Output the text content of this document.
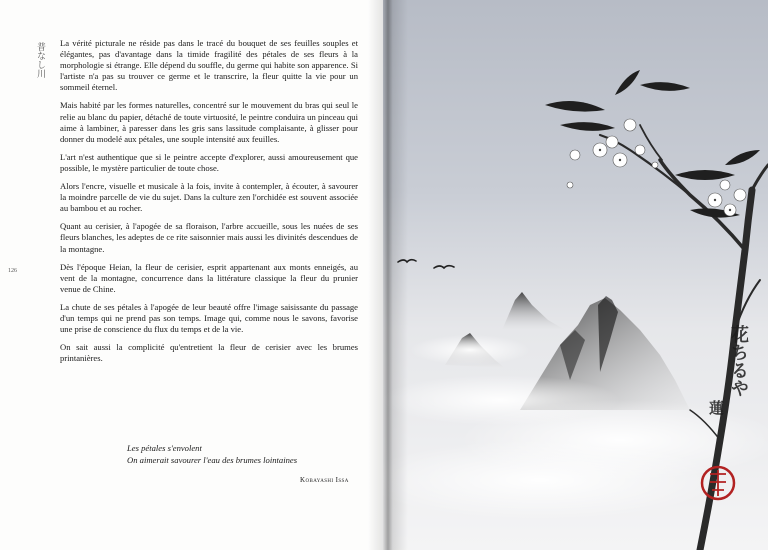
普なし川
126

La vérité picturale ne réside pas dans le tracé du bouquet de ses feuilles souples et élégantes, pas d'avantage dans la timide fragilité des pétales de ses fleurs à la morphologie si étrange. Elle dépend du souffle, du germe qui habite son apparence. Si l'artiste n'a pas su trouver ce germe et le transcrire, la fleur quitte la vie pour un sommeil éternel.

Mais habité par les formes naturelles, concentré sur le mouvement du bras qui seul le relie au blanc du papier, détaché de toute virtuosité, le peintre conduira un pinceau qui aime à lambiner, à paresser dans les gris sans lassitude complaisante, à glisser pour donner du modelé aux pétales, une souple intensité aux feuilles.

L'art n'est authentique que si le peintre accepte d'explorer, aussi amoureusement que possible, le mystère particulier de toute chose.

Alors l'encre, visuelle et musicale à la fois, invite à contempler, à écouter, à savourer la moindre parcelle de vie du sujet. Dans la culture zen l'orchidée est souvent associée au bambou et au rocher.

Quant au cerisier, à l'apogée de sa floraison, l'arbre accueille, sous les nuées de ses fleurs blanches, les adeptes de ce rite saisonnier mais aussi les divinités descendues de la montagne.

Dès l'époque Heian, la fleur de cerisier, esprit appartenant aux monts enneigés, au vent de la montagne, concurrence dans la littérature classique la fleur du prunier venue de Chine.

La chute de ses pétales à l'apogée de leur beauté offre l'image saisissante du passage d'un temps qui ne prend pas son temps. Image qui, comme nous le savons, favorise une prise de conscience du flux du temps et de la vie.

On sait aussi la complicité qu'entretient la fleur de cerisier avec les brumes printanières.

Les pétales s'envolent
On aimerait savourer l'eau des brumes lointaines
Kobayashi Issa
花ちるや
蓮
